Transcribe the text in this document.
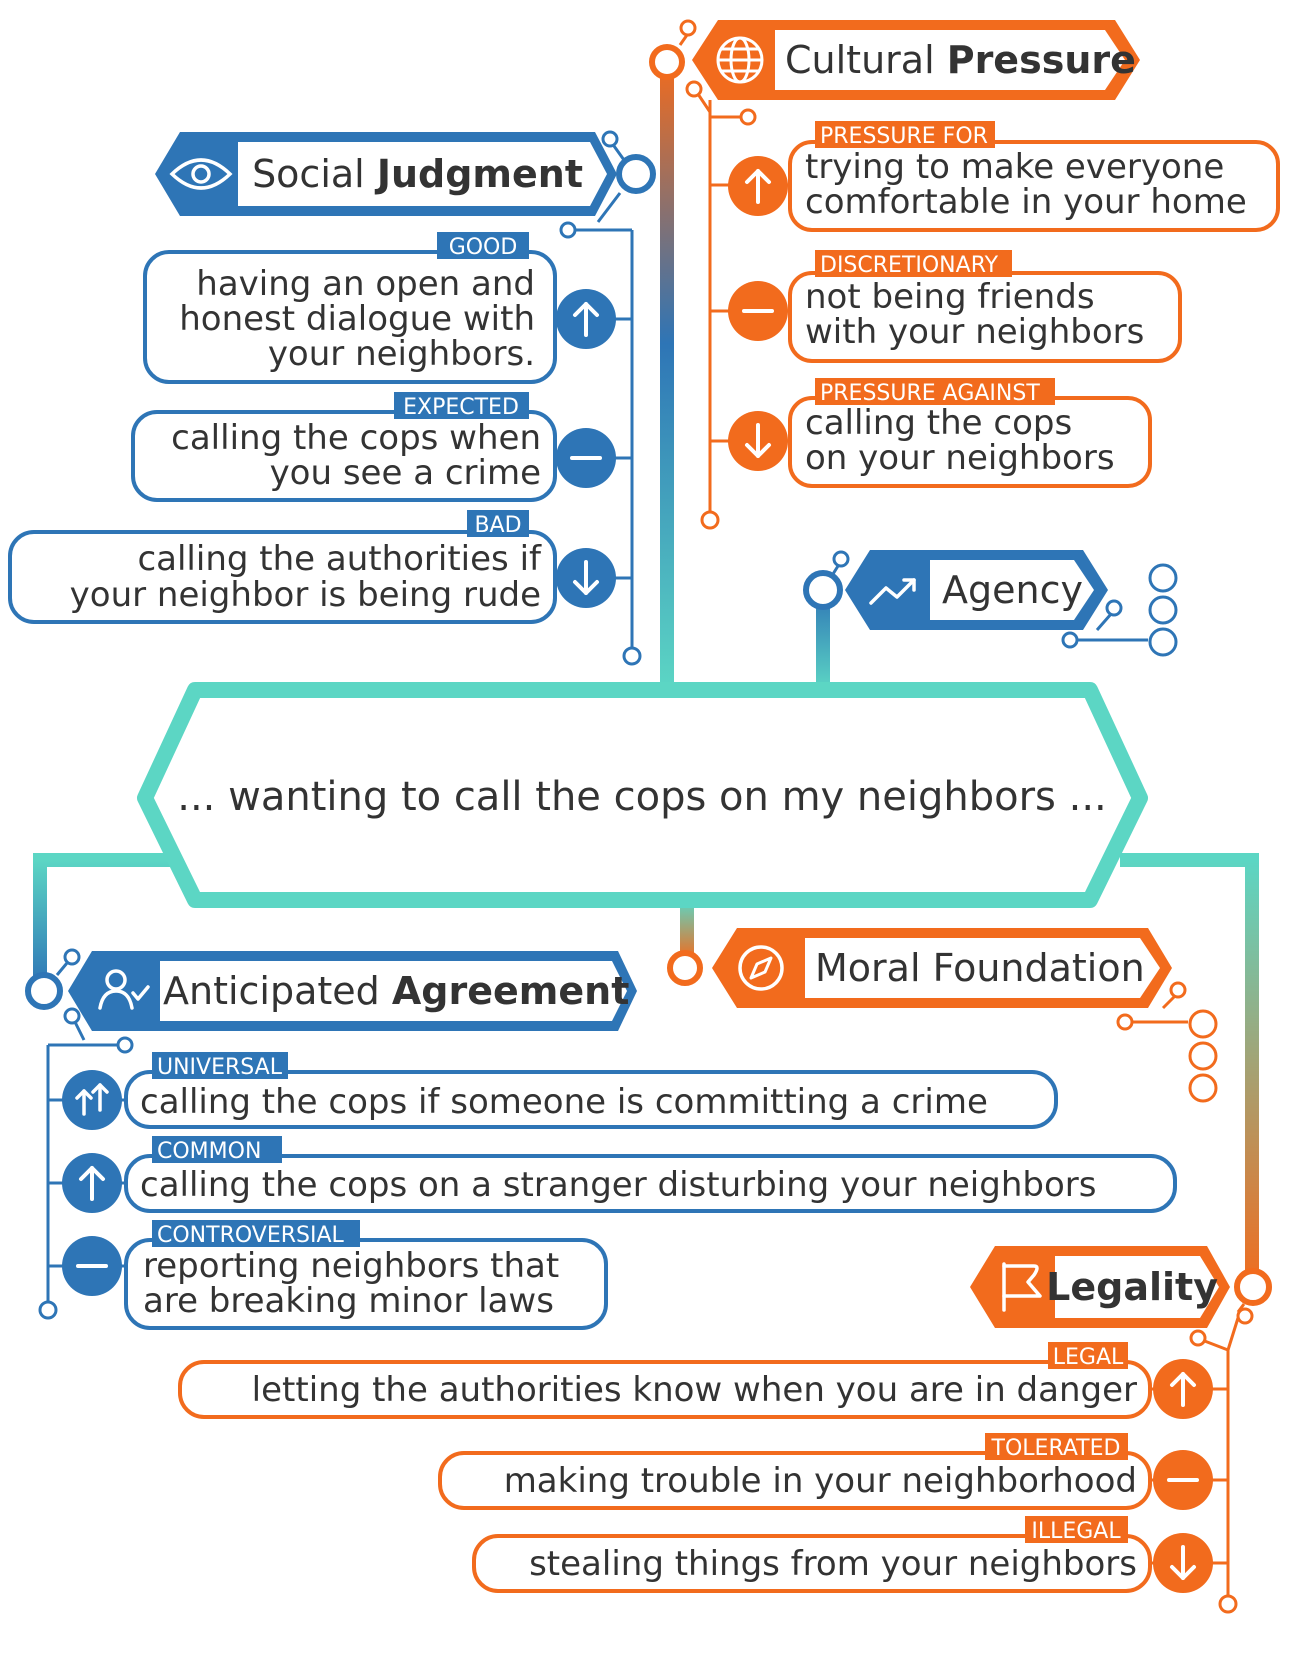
... wanting to call the cops on my neighbors ...
Cultural Pressure
PRESSURE FOR
trying to make everyone
comfortable in your home
DISCRETIONARY
not being friends
with your neighbors
PRESSURE AGAINST
calling the cops
on your neighbors
Social Judgment
GOOD
having an open and
honest dialogue with
your neighbors.
EXPECTED
calling the cops when
you see a crime
BAD
calling the authorities if
your neighbor is being rude	Agency
Anticipated Agreement
UNIVERSAL
calling the cops if someone is committing a crime
COMMON
calling the cops on a stranger disturbing your neighbors
CONTROVERSIAL
reporting neighbors that
are breaking minor laws
Moral Foundation
Legality
LEGAL
letting the authorities know when you are in danger
TOLERATED
making trouble in your neighborhood
ILLEGAL
stealing things from your neighbors
